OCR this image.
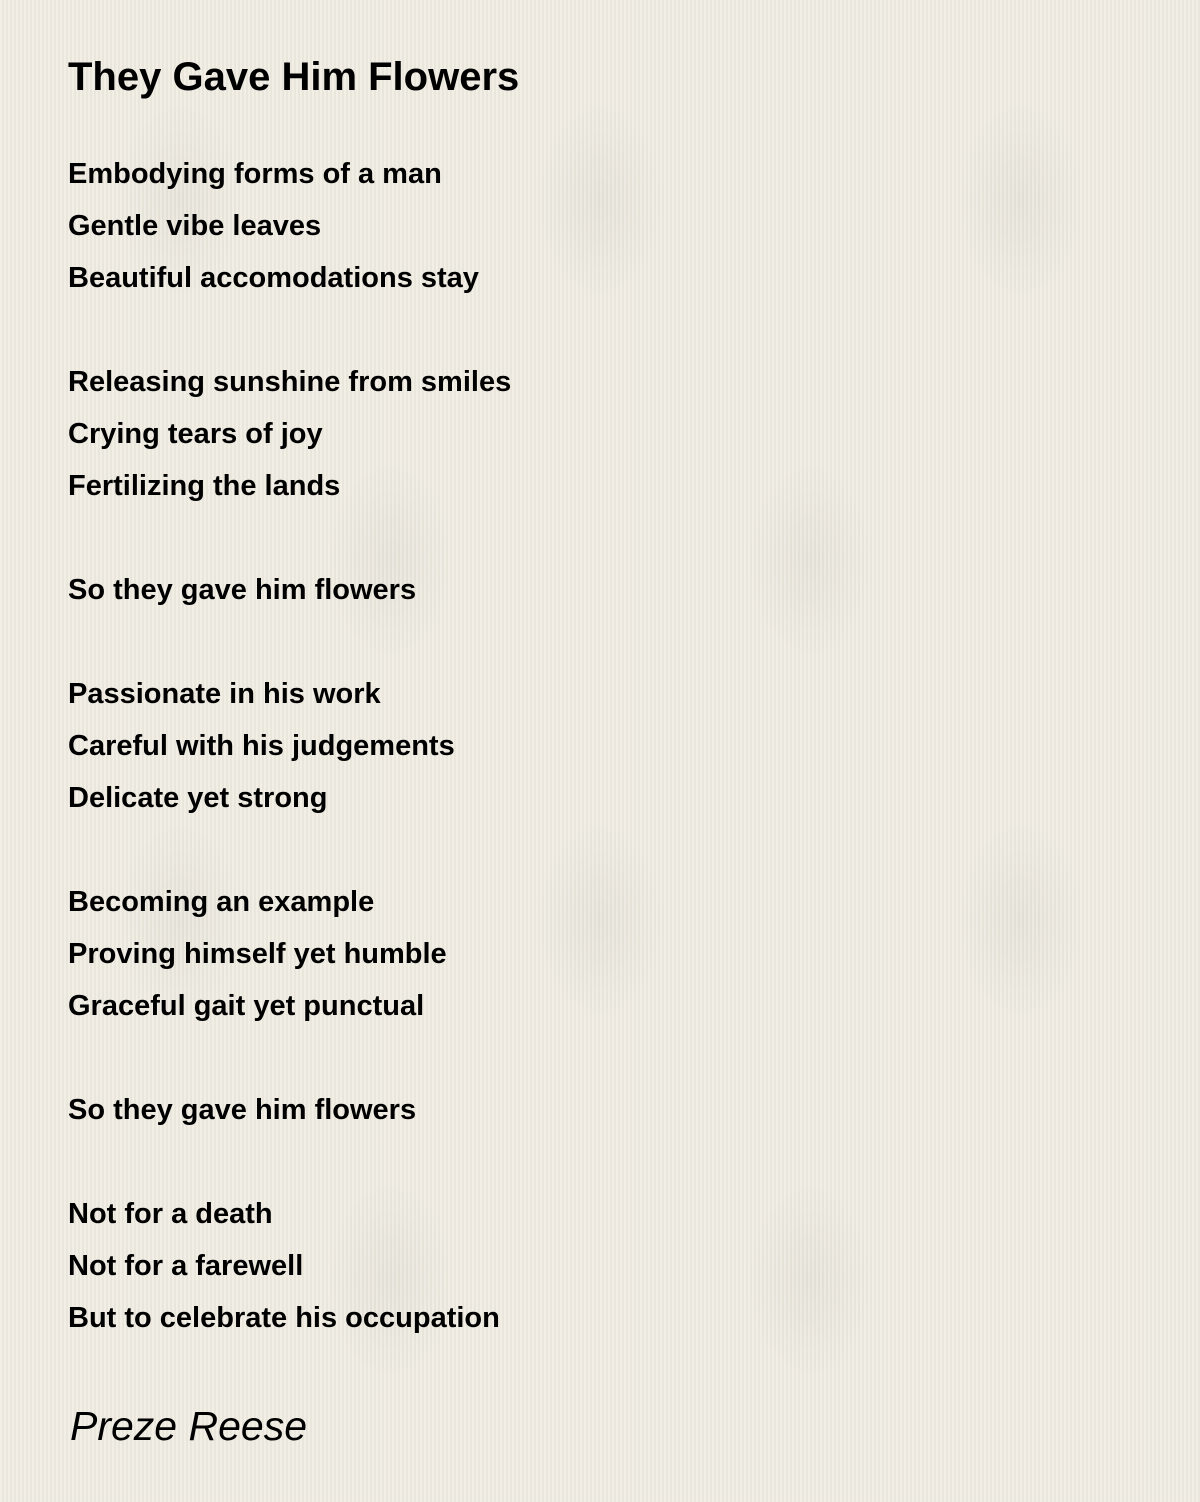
They Gave Him Flowers

Embodying forms of a man
Gentle vibe leaves
Beautiful accomodations stay

Releasing sunshine from smiles
Crying tears of joy
Fertilizing the lands

So they gave him flowers

Passionate in his work
Careful with his judgements
Delicate yet strong

Becoming an example
Proving himself yet humble
Graceful gait yet punctual

So they gave him flowers

Not for a death
Not for a farewell
But to celebrate his occupation

Preze Reese
